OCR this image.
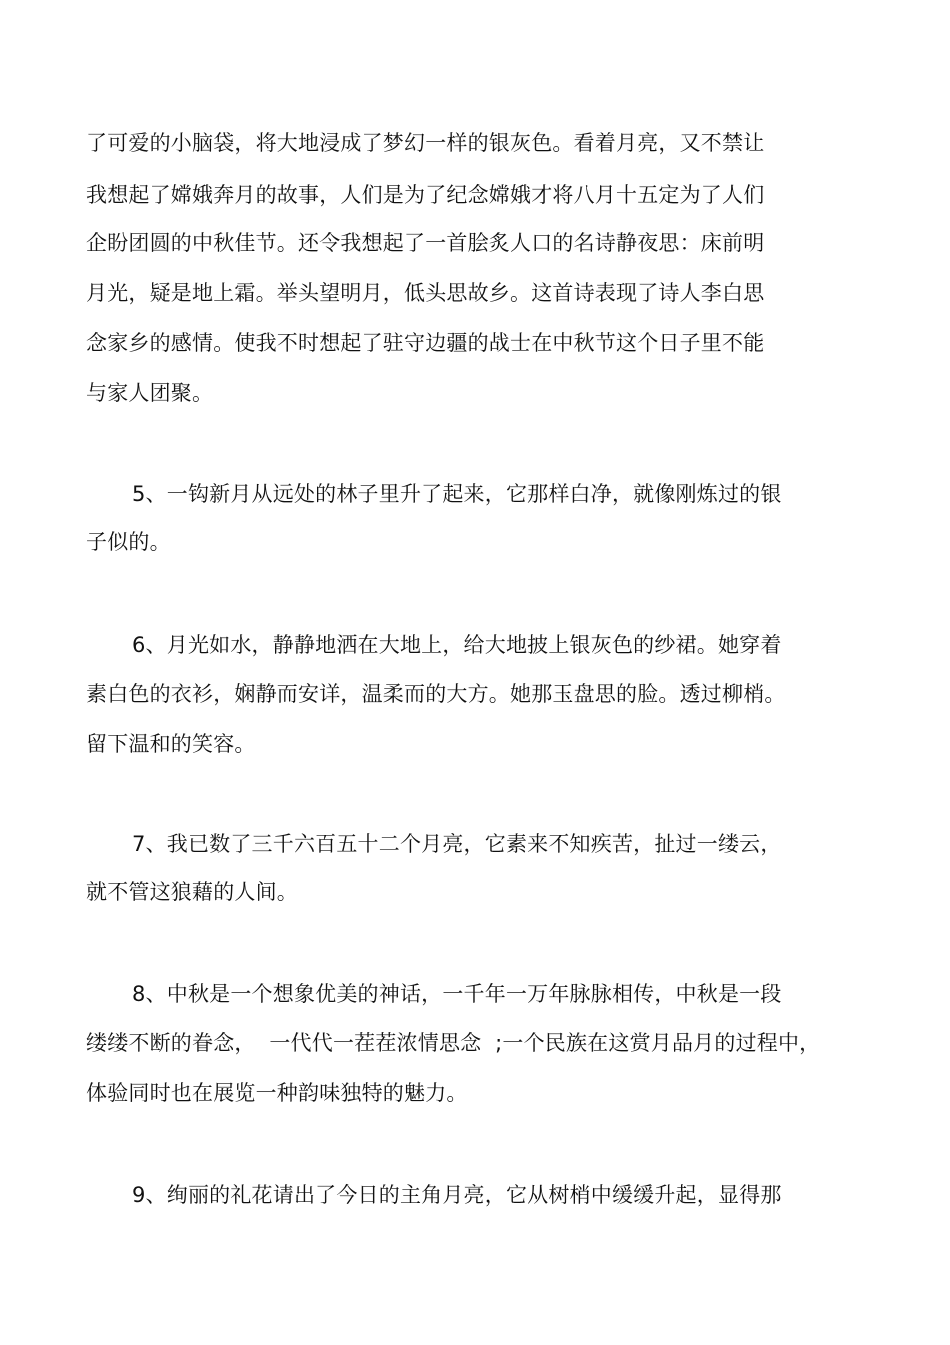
了可爱的小脑袋，将大地浸成了梦幻一样的银灰色。看着月亮，又不禁让
我想起了嫦娥奔月的故事，人们是为了纪念嫦娥才将八月十五定为了人们
企盼团圆的中秋佳节。还令我想起了一首脍炙人口的名诗静夜思：床前明
月光，疑是地上霜。举头望明月，低头思故乡。这首诗表现了诗人李白思
念家乡的感情。使我不时想起了驻守边疆的战士在中秋节这个日子里不能
与家人团聚。
5、一钩新月从远处的林子里升了起来，它那样白净，就像刚炼过的银
子似的。
6、月光如水，静静地洒在大地上，给大地披上银灰色的纱裙。她穿着
素白色的衣衫，娴静而安详，温柔而的大方。她那玉盘思的脸。透过柳梢。
留下温和的笑容。
7、我已数了三千六百五十二个月亮，它素来不知疾苦，扯过一缕云，
就不管这狼藉的人间。
8、中秋是一个想象优美的神话，一千年一万年脉脉相传，中秋是一段
缕缕不断的眷念，  一代代一茬茬浓情思念  ;一个民族在这赏月品月的过程中，
体验同时也在展览一种韵味独特的魅力。
9、绚丽的礼花请出了今日的主角月亮，它从树梢中缓缓升起，显得那
